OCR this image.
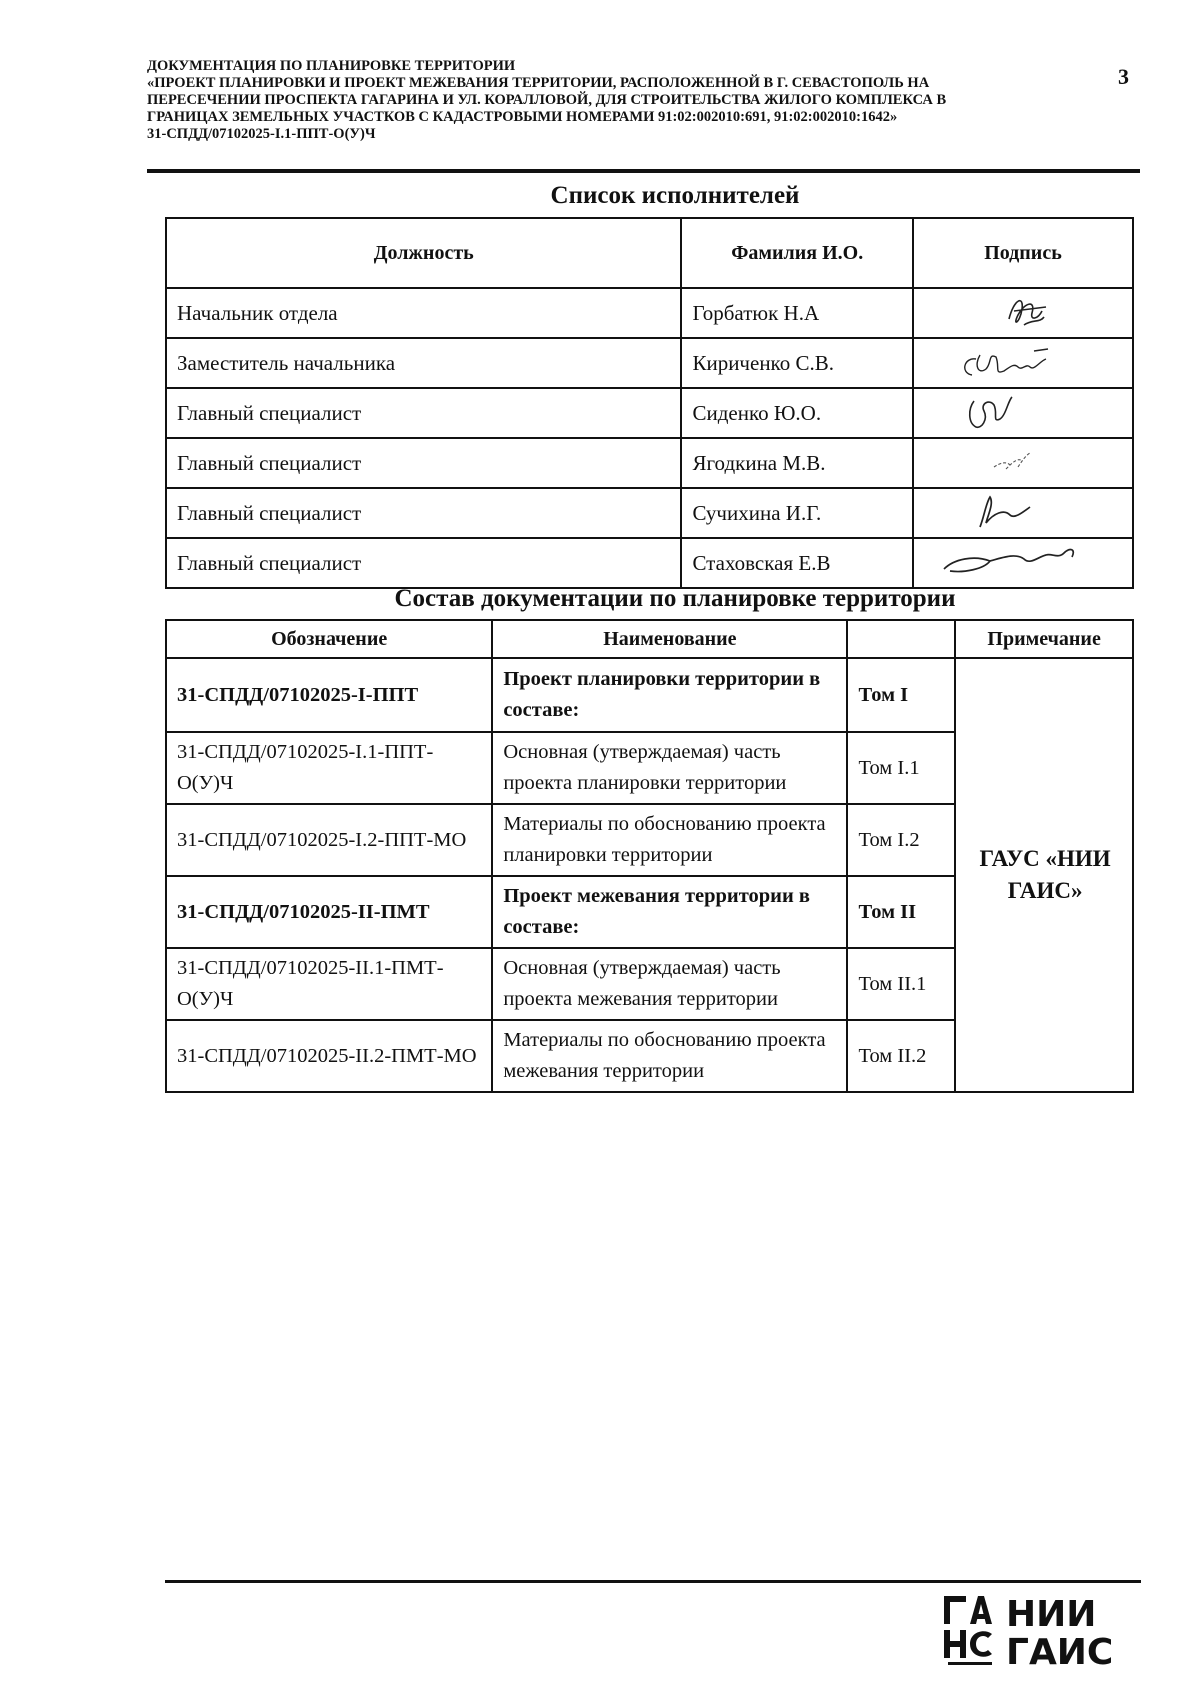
ДОКУМЕНТАЦИЯ ПО ПЛАНИРОВКЕ ТЕРРИТОРИИ
«ПРОЕКТ ПЛАНИРОВКИ И ПРОЕКТ МЕЖЕВАНИЯ ТЕРРИТОРИИ, РАСПОЛОЖЕННОЙ В Г. СЕВАСТОПОЛЬ НА
ПЕРЕСЕЧЕНИИ ПРОСПЕКТА ГАГАРИНА И УЛ. КОРАЛЛОВОЙ, ДЛЯ СТРОИТЕЛЬСТВА ЖИЛОГО КОМПЛЕКСА В
ГРАНИЦАХ ЗЕМЕЛЬНЫХ УЧАСТКОВ С КАДАСТРОВЫМИ НОМЕРАМИ 91:02:002010:691, 91:02:002010:1642»
31-СПДД/07102025-I.1-ППТ-О(У)Ч
3
Список исполнителей
Должность	Фамилия И.О.	Подпись
Начальник отдела	Горбатюк Н.А	
Заместитель начальника	Кириченко С.В.	
Главный специалист	Сиденко Ю.О.	
Главный специалист	Ягодкина М.В.	
Главный специалист	Сучихина И.Г.	
Главный специалист	Стаховская Е.В	
Состав документации по планировке территории
Обозначение	Наименование		Примечание
31-СПДД/07102025-I-ППТ	Проект планировки территории в составе:	Том I	ГАУС «НИИ ГАИС»
31-СПДД/07102025-I.1-ППТ-О(У)Ч	Основная (утверждаемая) часть проекта планировки территории	Том I.1	
31-СПДД/07102025-I.2-ППТ-МО	Материалы по обоснованию проекта планировки территории	Том I.2	
31-СПДД/07102025-II-ПМТ	Проект межевания территории в составе:	Том II	
31-СПДД/07102025-II.1-ПМТ-О(У)Ч	Основная (утверждаемая) часть проекта межевания территории	Том II.1	
31-СПДД/07102025-II.2-ПМТ-МО	Материалы по обоснованию проекта межевания территории	Том II.2	
НИИ
ГАИС
